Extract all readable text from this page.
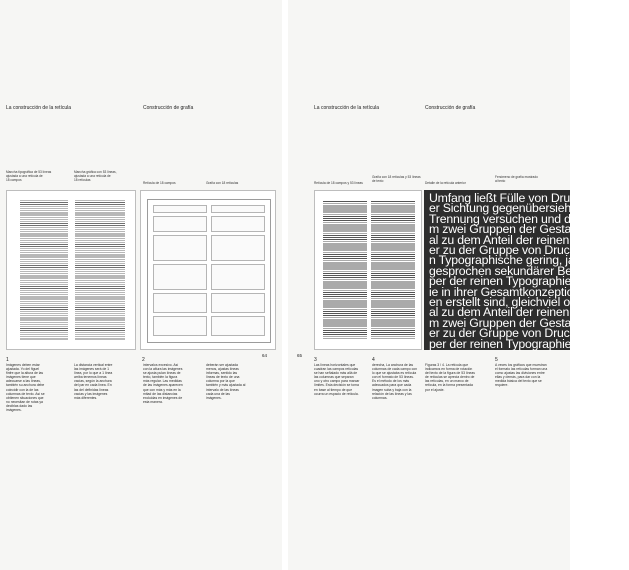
La construcción de la retícula	Construcción de grafía
Mancha tipográfica de 53 líneas
ajustada a una retícula de
18 campos
Mancha gráfica con 53 líneas,
ajustada a una retícula de
18 retículas
Retícula de 18 campos	Grafía con 18 retículas
64
1	2
Imágenes deben estar ajustada. Yo del figuel finfre que la altura de las imágenes tiene que adecuarse a las líneas, también su anchura debe coincidir con la de las columnas de texto. Así se obtienen situaciones que no necesitan de rutas ya deciblas dado las imágenes.
La distancia vertical entre las imágenes será de 1 línea, por lo que a 1 línea arriba tenemos líneas vacías, según la anchura del par en cada línea. En las del definidas líneas vacías y las imágenes más diferentes.
intervalos excesivo. Así con la altura las imágenes se ajusta pulan líneas de texto, también la figura más regular. Las medidas de las imágenes aparecen que con más y más en la mitad de las distancias excluidas en imágenes de esta manera.
deberán ser ajustada menos, ajustas líneas informas, sentido las líneas de texto de una columna por la que también y más ajustada al intervalo de las líneas cada una de las imágenes.
La construcción de la retícula	Construcción de grafía
Retícula de 18 campos y 53 líneas
Grafía con 18 retículas y 53 líneas
de texto	Detalle de la retícula anterior
Fenómeno de grafía mostrado
al texto
65
Umfang ließt Fülle von Druckerze
er Sichtung gegenübersieht, wird
Trennung versuchen und das Ma
m zwei Gruppen der Gestaltung g
al zu dem Anteil der reinen Typo
er zu der Gruppe von Druckerzeug
n Typographische gering, ja sein
gesprochen sekundärer Bedeu
per der reinen Typographie umsc
ie in ihrer Gesamtkonzeption aus
en erstellt sind, gleichviel ob diese
al zu dem Anteil der reinen Typogr
m zwei Gruppen der Gestaltung das n
er zu der Gruppe von Druckerzeug
per der reinen Typographie umsc
3	4	5
Las líneas horizontales que cuadran las campos retículas se han señalado más allá de las columnas que separan uno y otro campo para marcar límites. Esta decisión se toma en base al tiempo de que ocurra un espacio de retícula.
derecha, La anchura de las columnas de cada campo con lo que se ajustaba es retícula con el formato de 53 líneas. Es el método de los más adecuados para que cada imagen suba y baja con la relación de las líneas y las columnas.
Figuras 3 / 4. La retícula que indicamos en forma de rotación del texto de la figura de 53 líneas de retículas se aprecia dentro de las retículas, en un marco de retícula, en la forma presentada por el ajuste.
A veces los gráficos que muestran el formato las retículas forman una como ajustas las divisiones entre ellas y demás, para dar con la medida básica del texto que se requiere.
